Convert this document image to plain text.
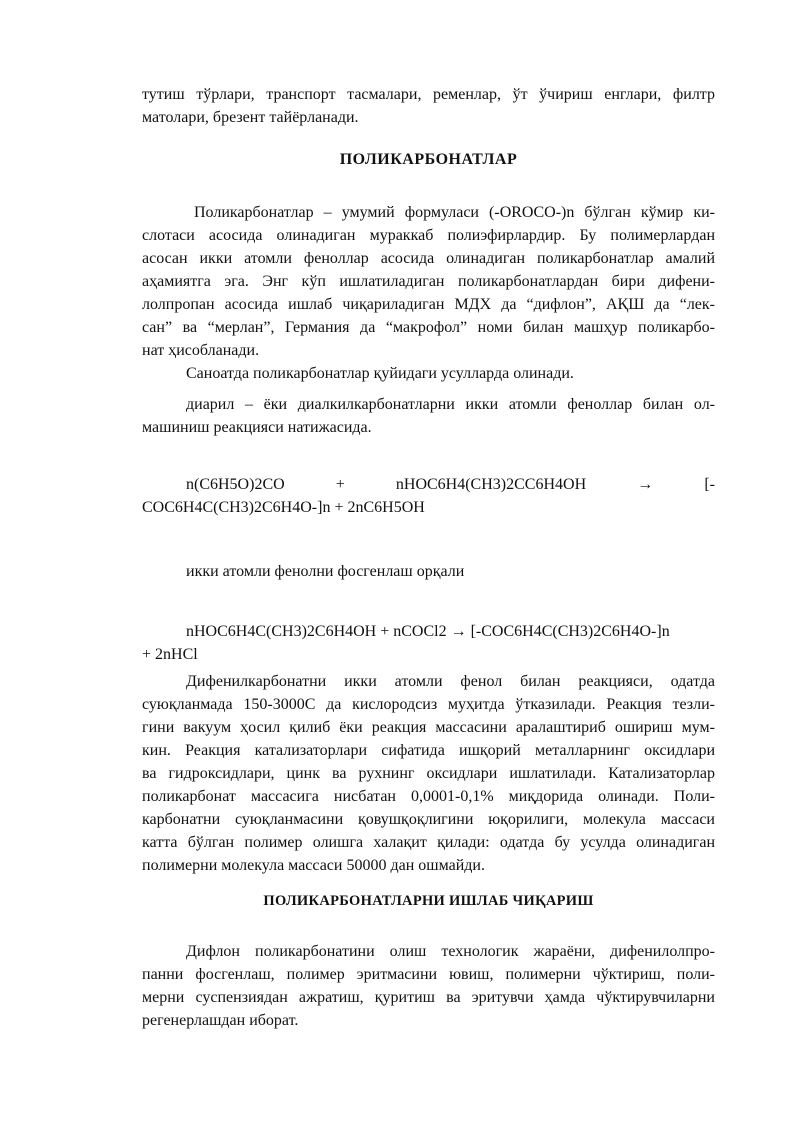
тутиш тўрлари, транспорт тасмалари, ременлар, ўт ўчириш енглари, филтр
матолари, брезент тайёрланади.

ПОЛИКАРБОНАТЛАР

Поликарбонатлар – умумий формуласи (-OROCO-)n бўлган кўмир ки-
слотаси асосида олинадиган мураккаб полиэфирлардир. Бу полимерлардан
асосан икки атомли феноллар асосида олинадиган поликарбонатлар амалий
аҳамиятга эга. Энг кўп ишлатиладиган поликарбонатлардан бири дифени-
лолпропан асосида ишлаб чиқариладиган МДХ да “дифлон”, АҚШ да “лек-
сан” ва “мерлан”, Германия да “макрофол” номи билан машҳур поликарбо-
нат ҳисобланади.

Саноатда поликарбонатлар қуйидаги усулларда олинади.

диарил – ёки диалкилкарбонатларни икки атомли феноллар билан ол-
машиниш реакцияси натижасида.

n(C6H5O)2CO	+	nHOC6H4(CH3)2CC6H4OH	→	[-
COC6H4C(CH3)2C6H4O-]n + 2nC6H5OH

икки атомли фенолни фосгенлаш орқали

nHOC6H4C(CH3)2C6H4OH + nCOCl2 → [-COC6H4C(CH3)2C6H4O-]n
+ 2nHCl

Дифенилкарбонатни икки атомли фенол билан реакцияси, одатда
суюқланмада 150-3000С да кислородсиз муҳитда ўтказилади. Реакция тезли-
гини вакуум ҳосил қилиб ёки реакция массасини аралаштириб ошириш мум-
кин. Реакция катализаторлари сифатида ишқорий металларнинг оксидлари
ва гидроксидлари, цинк ва рухнинг оксидлари ишлатилади. Катализаторлар
поликарбонат массасига нисбатан 0,0001-0,1% миқдорида олинади. Поли-
карбонатни суюқланмасини қовушқоқлигини юқорилиги, молекула массаси
катта бўлган полимер олишга халақит қилади: одатда бу усулда олинадиган
полимерни молекула массаси 50000 дан ошмайди.

ПОЛИКАРБОНАТЛАРНИ ИШЛАБ ЧИҚАРИШ

Дифлон поликарбонатини олиш технологик жараёни, дифенилолпро-
панни фосгенлаш, полимер эритмасини ювиш, полимерни чўктириш, поли-
мерни суспензиядан ажратиш, қуритиш ва эритувчи ҳамда чўктирувчиларни
регенерлашдан иборат.
